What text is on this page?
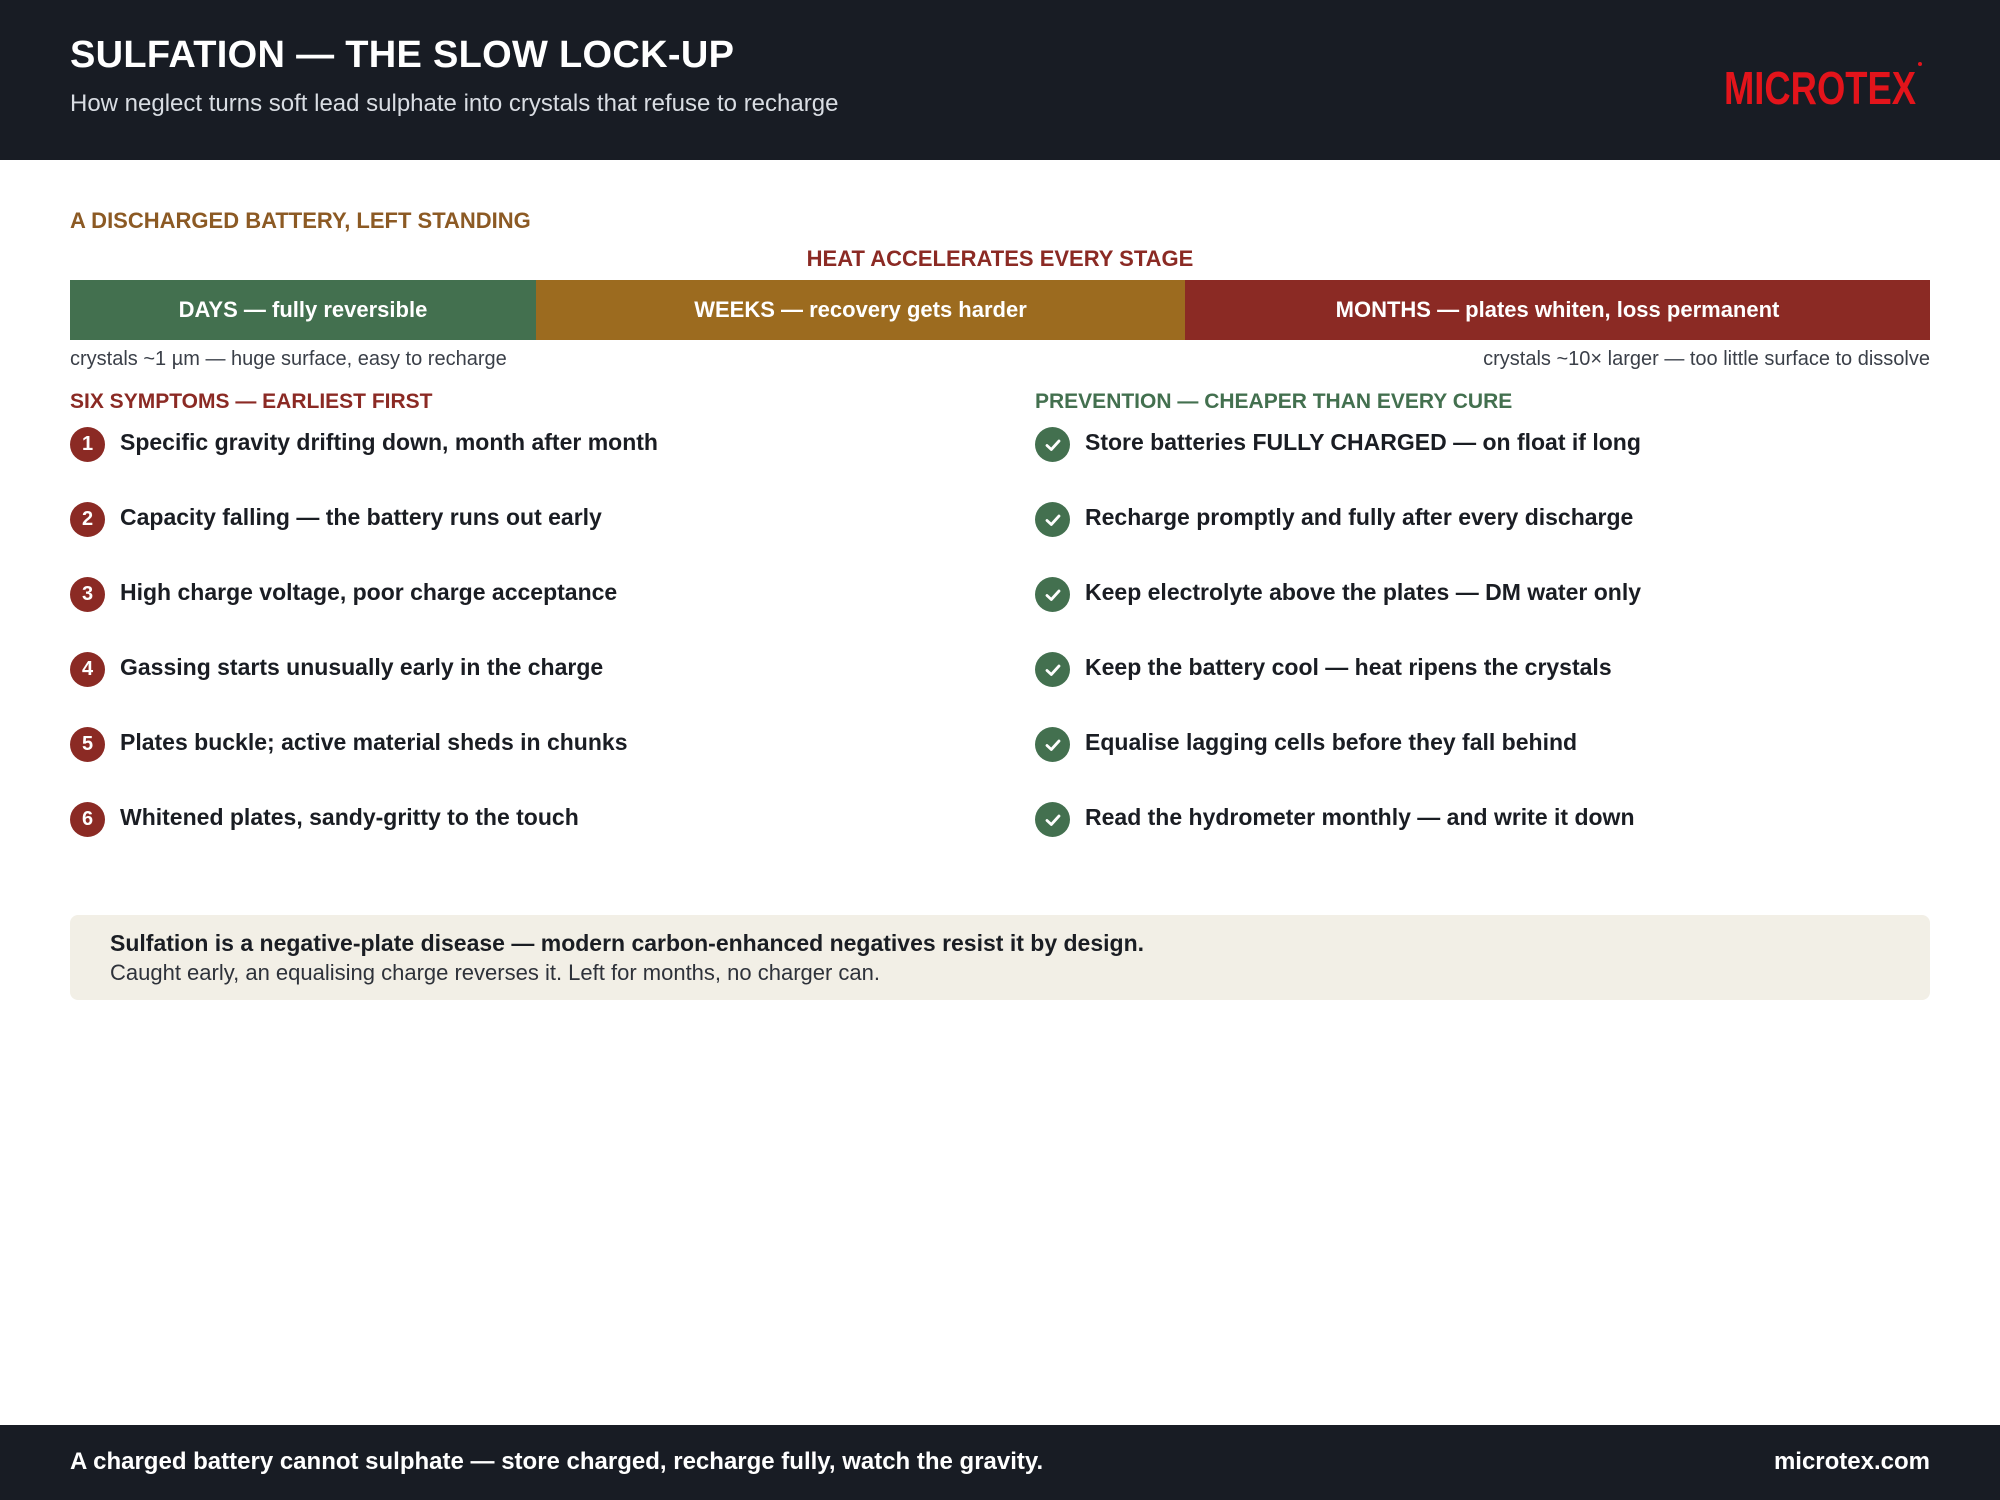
SULFATION — THE SLOW LOCK-UP
How neglect turns soft lead sulphate into crystals that refuse to recharge	MICROTEX
A DISCHARGED BATTERY, LEFT STANDING
HEAT ACCELERATES EVERY STAGE
DAYS — fully reversible	WEEKS — recovery gets harder	MONTHS — plates whiten, loss permanent
crystals ~1 µm — huge surface, easy to recharge	crystals ~10× larger — too little surface to dissolve
SIX SYMPTOMS — EARLIEST FIRST	PREVENTION — CHEAPER THAN EVERY CURE
1	Specific gravity drifting down, month after month
2	Capacity falling — the battery runs out early
3	High charge voltage, poor charge acceptance
4	Gassing starts unusually early in the charge
5	Plates buckle; active material sheds in chunks
6	Whitened plates, sandy-gritty to the touch
Store batteries FULLY CHARGED — on float if long
Recharge promptly and fully after every discharge
Keep electrolyte above the plates — DM water only
Keep the battery cool — heat ripens the crystals
Equalise lagging cells before they fall behind
Read the hydrometer monthly — and write it down
Sulfation is a negative-plate disease — modern carbon-enhanced negatives resist it by design.
Caught early, an equalising charge reverses it. Left for months, no charger can.
A charged battery cannot sulphate — store charged, recharge fully, watch the gravity.	microtex.com
